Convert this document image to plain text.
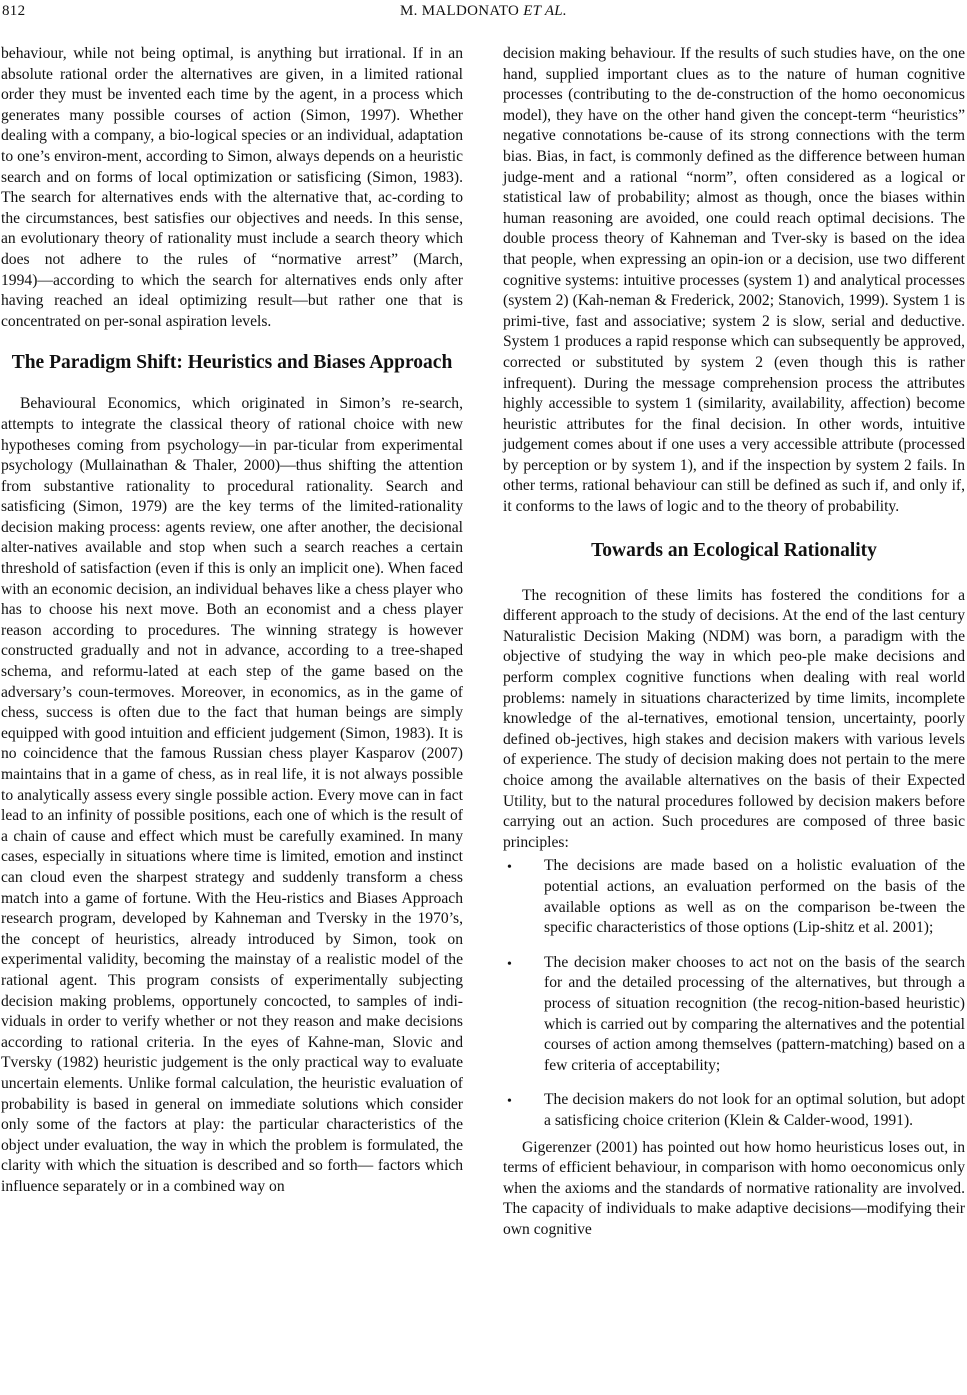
812	M. MALDONATO ET AL.

behaviour, while not being optimal, is anything but irrational. If in an absolute rational order the alternatives are given, in a limited rational order they must be invented each time by the agent, in a process which generates many possible courses of action (Simon, 1997). Whether dealing with a company, a bio-logical species or an individual, adaptation to one’s environ-ment, according to Simon, always depends on a heuristic search and on forms of local optimization or satisficing (Simon, 1983). The search for alternatives ends with the alternative that, ac-cording to the circumstances, best satisfies our objectives and needs. In this sense, an evolutionary theory of rationality must include a search theory which does not adhere to the rules of “normative arrest” (March, 1994)―according to which the search for alternatives ends only after having reached an ideal optimizing result―but rather one that is concentrated on per-sonal aspiration levels.

The Paradigm Shift: Heuristics and Biases Approach

Behavioural Economics, which originated in Simon’s re-search, attempts to integrate the classical theory of rational choice with new hypotheses coming from psychology―in par-ticular from experimental psychology (Mullainathan & Thaler, 2000)―thus shifting the attention from substantive rationality to procedural rationality. Search and satisficing (Simon, 1979) are the key terms of the limited-rationality decision making process: agents review, one after another, the decisional alter-natives available and stop when such a search reaches a certain threshold of satisfaction (even if this is only an implicit one). When faced with an economic decision, an individual behaves like a chess player who has to choose his next move. Both an economist and a chess player reason according to procedures. The winning strategy is however constructed gradually and not in advance, according to a tree-shaped schema, and reformu-lated at each step of the game based on the adversary’s coun-termoves. Moreover, in economics, as in the game of chess, success is often due to the fact that human beings are simply equipped with good intuition and efficient judgement (Simon, 1983). It is no coincidence that the famous Russian chess player Kasparov (2007) maintains that in a game of chess, as in real life, it is not always possible to analytically assess every single possible action. Every move can in fact lead to an infinity of possible positions, each one of which is the result of a chain of cause and effect which must be carefully examined. In many cases, especially in situations where time is limited, emotion and instinct can cloud even the sharpest strategy and suddenly transform a chess match into a game of fortune. With the Heu-ristics and Biases Approach research program, developed by Kahneman and Tversky in the 1970’s, the concept of heuristics, already introduced by Simon, took on experimental validity, becoming the mainstay of a realistic model of the rational agent. This program consists of experimentally subjecting decision making problems, opportunely concocted, to samples of indi-viduals in order to verify whether or not they reason and make decisions according to rational criteria. In the eyes of Kahne-man, Slovic and Tversky (1982) heuristic judgement is the only practical way to evaluate uncertain elements. Unlike formal calculation, the heuristic evaluation of probability is based in general on immediate solutions which consider only some of the factors at play: the particular characteristics of the object under evaluation, the way in which the problem is formulated, the clarity with which the situation is described and so forth― factors which influence separately or in a combined way on

decision making behaviour. If the results of such studies have, on the one hand, supplied important clues as to the nature of human cognitive processes (contributing to the de-construction of the homo oeconomicus model), they have on the other hand given the concept-term “heuristics” negative connotations be-cause of its strong connections with the term bias. Bias, in fact, is commonly defined as the difference between human judge-ment and a rational “norm”, often considered as a logical or statistical law of probability; almost as though, once the biases within human reasoning are avoided, one could reach optimal decisions. The double process theory of Kahneman and Tver-sky is based on the idea that people, when expressing an opin-ion or a decision, use two different cognitive systems: intuitive processes (system 1) and analytical processes (system 2) (Kah-neman & Frederick, 2002; Stanovich, 1999). System 1 is primi-tive, fast and associative; system 2 is slow, serial and deductive. System 1 produces a rapid response which can subsequently be approved, corrected or substituted by system 2 (even though this is rather infrequent). During the message comprehension process the attributes highly accessible to system 1 (similarity, availability, affection) become heuristic attributes for the final decision. In other words, intuitive judgement comes about if one uses a very accessible attribute (processed by perception or by system 1), and if the inspection by system 2 fails. In other terms, rational behaviour can still be defined as such if, and only if, it conforms to the laws of logic and to the theory of probability.

Towards an Ecological Rationality

The recognition of these limits has fostered the conditions for a different approach to the study of decisions. At the end of the last century Naturalistic Decision Making (NDM) was born, a paradigm with the objective of studying the way in which peo-ple make decisions and perform complex cognitive functions when dealing with real world problems: namely in situations characterized by time limits, incomplete knowledge of the al-ternatives, emotional tension, uncertainty, poorly defined ob-jectives, high stakes and decision makers with various levels of experience. The study of decision making does not pertain to the mere choice among the available alternatives on the basis of their Expected Utility, but to the natural procedures followed by decision makers before carrying out an action. Such procedures are composed of three basic principles:

• The decisions are made based on a holistic evaluation of the potential actions, an evaluation performed on the basis of the available options as well as on the comparison be-tween the specific characteristics of those options (Lip-shitz et al. 2001);
• The decision maker chooses to act not on the basis of the search for and the detailed processing of the alternatives, but through a process of situation recognition (the recog-nition-based heuristic) which is carried out by comparing the alternatives and the potential courses of action among themselves (pattern-matching) based on a few criteria of acceptability;
• The decision makers do not look for an optimal solution, but adopt a satisficing choice criterion (Klein & Calder-wood, 1991).

Gigerenzer (2001) has pointed out how homo heuristicus loses out, in terms of efficient behaviour, in comparison with homo oeconomicus only when the axioms and the standards of normative rationality are involved. The capacity of individuals to make adaptive decisions―modifying their own cognitive
